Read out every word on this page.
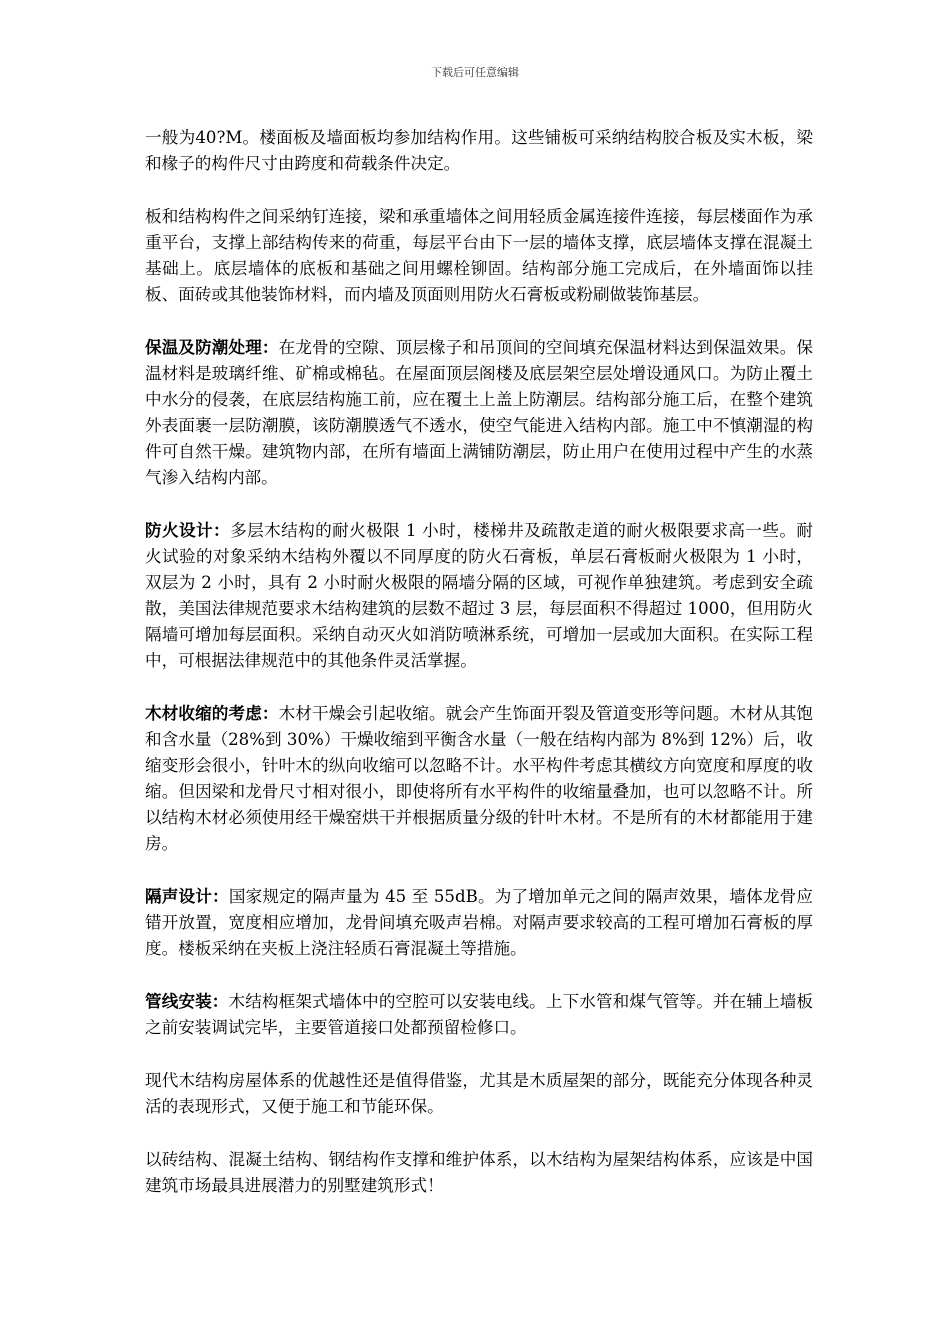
下载后可任意编辑

一般为40?M。楼面板及墙面板均参加结构作用。这些铺板可采纳结构胶合板及实木板，梁和椽子的构件尺寸由跨度和荷载条件决定。

板和结构构件之间采纳钉连接，梁和承重墙体之间用轻质金属连接件连接，每层楼面作为承重平台，支撑上部结构传来的荷重，每层平台由下一层的墙体支撑，底层墙体支撑在混凝土基础上。底层墙体的底板和基础之间用螺栓铆固。结构部分施工完成后，在外墙面饰以挂板、面砖或其他装饰材料，而内墙及顶面则用防火石膏板或粉刷做装饰基层。

保温及防潮处理：在龙骨的空隙、顶层椽子和吊顶间的空间填充保温材料达到保温效果。保温材料是玻璃纤维、矿棉或棉毡。在屋面顶层阁楼及底层架空层处增设通风口。为防止覆土中水分的侵袭，在底层结构施工前，应在覆土上盖上防潮层。结构部分施工后，在整个建筑外表面裹一层防潮膜，该防潮膜透气不透水，使空气能进入结构内部。施工中不慎潮湿的构件可自然干燥。建筑物内部，在所有墙面上满铺防潮层，防止用户在使用过程中产生的水蒸气渗入结构内部。

防火设计：多层木结构的耐火极限 1 小时，楼梯井及疏散走道的耐火极限要求高一些。耐火试验的对象采纳木结构外覆以不同厚度的防火石膏板，单层石膏板耐火极限为 1 小时，双层为 2 小时，具有 2 小时耐火极限的隔墙分隔的区域，可视作单独建筑。考虑到安全疏散，美国法律规范要求木结构建筑的层数不超过 3 层，每层面积不得超过 1000，但用防火隔墙可增加每层面积。采纳自动灭火如消防喷淋系统，可增加一层或加大面积。在实际工程中，可根据法律规范中的其他条件灵活掌握。

木材收缩的考虑：木材干燥会引起收缩。就会产生饰面开裂及管道变形等问题。木材从其饱和含水量（28%到 30%）干燥收缩到平衡含水量（一般在结构内部为 8%到 12%）后，收缩变形会很小，针叶木的纵向收缩可以忽略不计。水平构件考虑其横纹方向宽度和厚度的收缩。但因梁和龙骨尺寸相对很小，即使将所有水平构件的收缩量叠加，也可以忽略不计。所以结构木材必须使用经干燥窑烘干并根据质量分级的针叶木材。不是所有的木材都能用于建房。

隔声设计：国家规定的隔声量为 45 至 55dB。为了增加单元之间的隔声效果，墙体龙骨应错开放置，宽度相应增加，龙骨间填充吸声岩棉。对隔声要求较高的工程可增加石膏板的厚度。楼板采纳在夹板上浇注轻质石膏混凝土等措施。

管线安装：木结构框架式墙体中的空腔可以安装电线。上下水管和煤气管等。并在辅上墙板之前安装调试完毕，主要管道接口处都预留检修口。

现代木结构房屋体系的优越性还是值得借鉴，尤其是木质屋架的部分，既能充分体现各种灵活的表现形式，又便于施工和节能环保。

以砖结构、混凝土结构、钢结构作支撑和维护体系，以木结构为屋架结构体系，应该是中国建筑市场最具进展潜力的别墅建筑形式！
